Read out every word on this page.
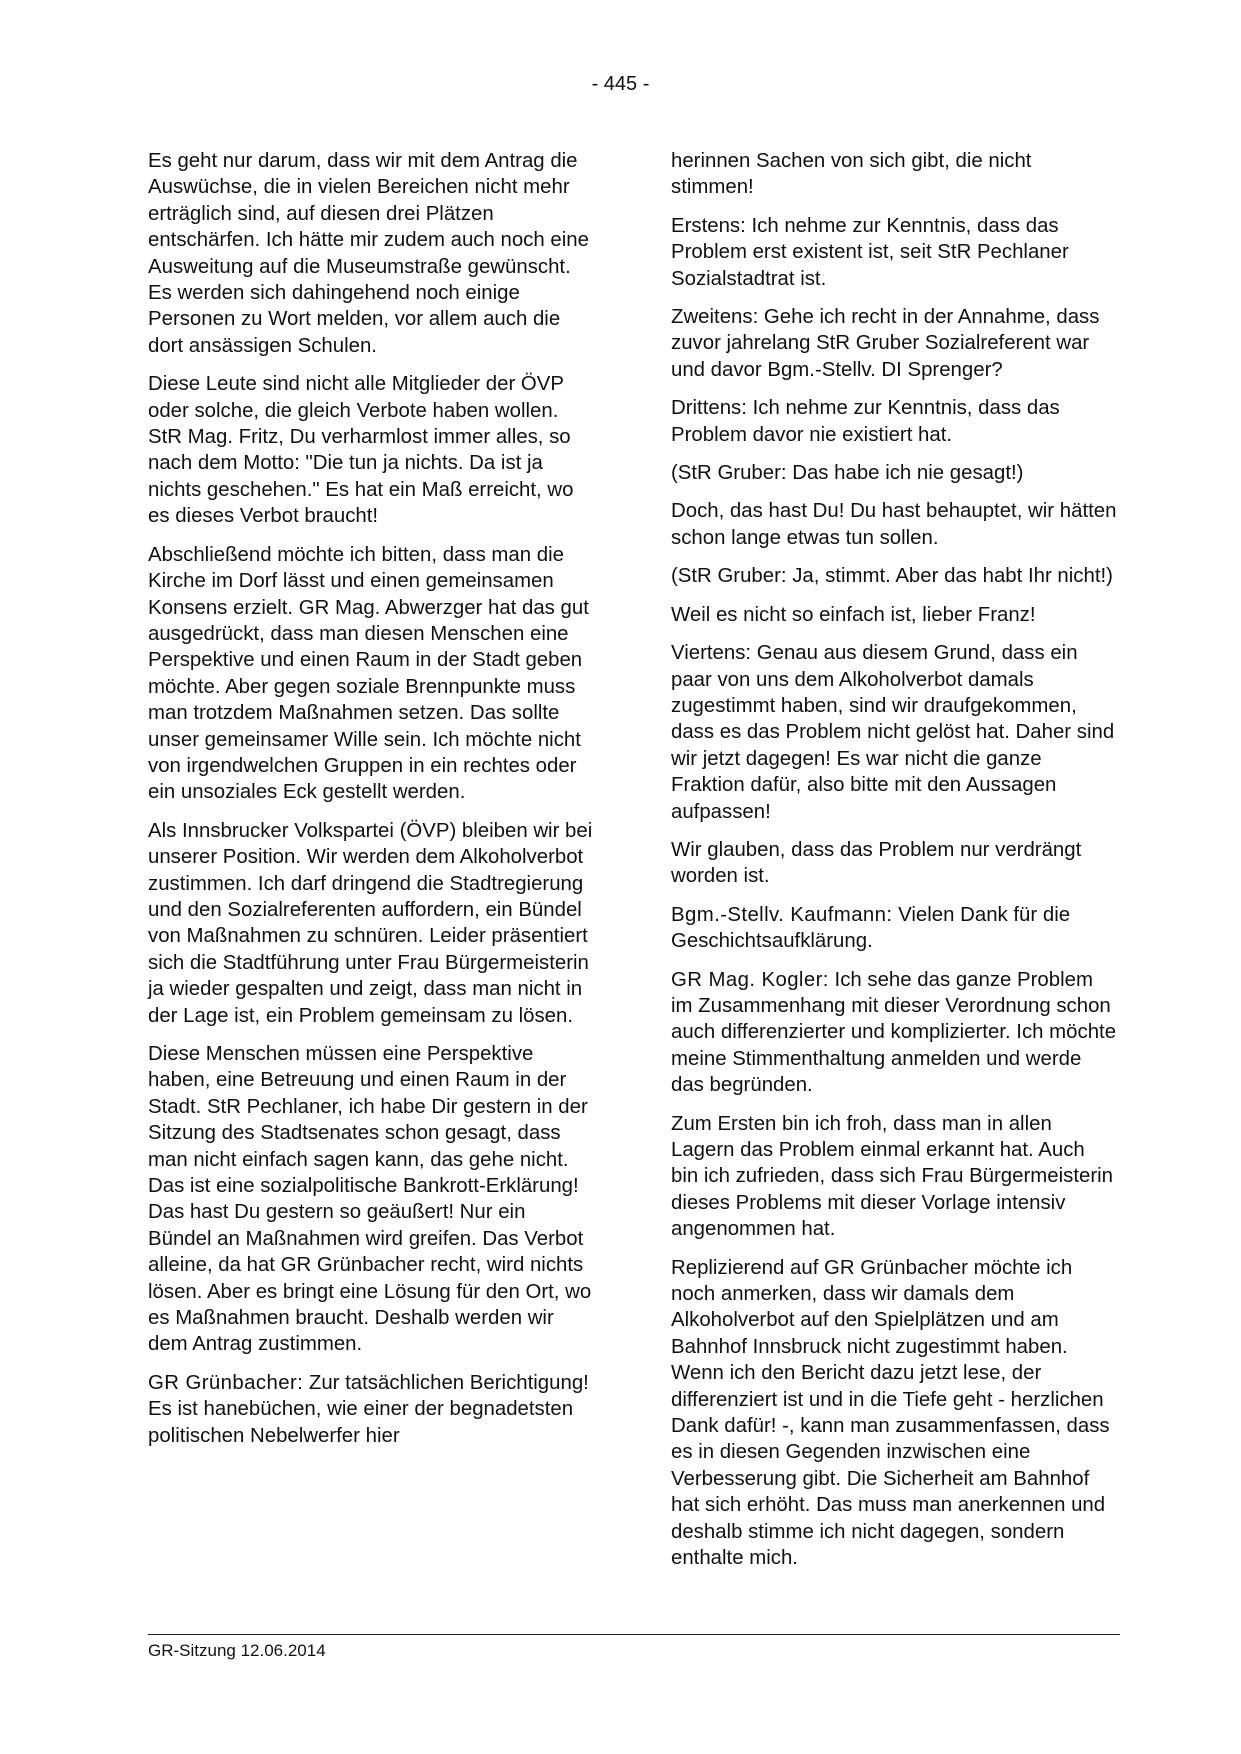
- 445 -

Es geht nur darum, dass wir mit dem Antrag die Auswüchse, die in vielen Bereichen nicht mehr erträglich sind, auf diesen drei Plätzen entschärfen. Ich hätte mir zudem auch noch eine Ausweitung auf die Museumstraße gewünscht. Es werden sich dahingehend noch einige Personen zu Wort melden, vor allem auch die dort ansässigen Schulen.

Diese Leute sind nicht alle Mitglieder der ÖVP oder solche, die gleich Verbote haben wollen. StR Mag. Fritz, Du verharmlost immer alles, so nach dem Motto: "Die tun ja nichts. Da ist ja nichts geschehen." Es hat ein Maß erreicht, wo es dieses Verbot braucht!

Abschließend möchte ich bitten, dass man die Kirche im Dorf lässt und einen gemeinsamen Konsens erzielt. GR Mag. Abwerzger hat das gut ausgedrückt, dass man diesen Menschen eine Perspektive und einen Raum in der Stadt geben möchte. Aber gegen soziale Brennpunkte muss man trotzdem Maßnahmen setzen. Das sollte unser gemeinsamer Wille sein. Ich möchte nicht von irgendwelchen Gruppen in ein rechtes oder ein unsoziales Eck gestellt werden.

Als Innsbrucker Volkspartei (ÖVP) bleiben wir bei unserer Position. Wir werden dem Alkoholverbot zustimmen. Ich darf dringend die Stadtregierung und den Sozialreferenten auffordern, ein Bündel von Maßnahmen zu schnüren. Leider präsentiert sich die Stadtführung unter Frau Bürgermeisterin ja wieder gespalten und zeigt, dass man nicht in der Lage ist, ein Problem gemeinsam zu lösen.

Diese Menschen müssen eine Perspektive haben, eine Betreuung und einen Raum in der Stadt. StR Pechlaner, ich habe Dir gestern in der Sitzung des Stadtsenates schon gesagt, dass man nicht einfach sagen kann, das gehe nicht. Das ist eine sozialpolitische Bankrott-Erklärung! Das hast Du gestern so geäußert! Nur ein Bündel an Maßnahmen wird greifen. Das Verbot alleine, da hat GR Grünbacher recht, wird nichts lösen. Aber es bringt eine Lösung für den Ort, wo es Maßnahmen braucht. Deshalb werden wir dem Antrag zustimmen.

GR Grünbacher: Zur tatsächlichen Berichtigung! Es ist hanebüchen, wie einer der begnadetsten politischen Nebelwerfer hier

herinnen Sachen von sich gibt, die nicht stimmen!

Erstens: Ich nehme zur Kenntnis, dass das Problem erst existent ist, seit StR Pechlaner Sozialstadtrat ist.

Zweitens: Gehe ich recht in der Annahme, dass zuvor jahrelang StR Gruber Sozialreferent war und davor Bgm.-Stellv. DI Sprenger?

Drittens: Ich nehme zur Kenntnis, dass das Problem davor nie existiert hat.

(StR Gruber: Das habe ich nie gesagt!)

Doch, das hast Du! Du hast behauptet, wir hätten schon lange etwas tun sollen.

(StR Gruber: Ja, stimmt. Aber das habt Ihr nicht!)

Weil es nicht so einfach ist, lieber Franz!

Viertens: Genau aus diesem Grund, dass ein paar von uns dem Alkoholverbot damals zugestimmt haben, sind wir draufgekommen, dass es das Problem nicht gelöst hat. Daher sind wir jetzt dagegen! Es war nicht die ganze Fraktion dafür, also bitte mit den Aussagen aufpassen!

Wir glauben, dass das Problem nur verdrängt worden ist.

Bgm.-Stellv. Kaufmann: Vielen Dank für die Geschichtsaufklärung.

GR Mag. Kogler: Ich sehe das ganze Problem im Zusammenhang mit dieser Verordnung schon auch differenzierter und komplizierter. Ich möchte meine Stimmenthaltung anmelden und werde das begründen.

Zum Ersten bin ich froh, dass man in allen Lagern das Problem einmal erkannt hat. Auch bin ich zufrieden, dass sich Frau Bürgermeisterin dieses Problems mit dieser Vorlage intensiv angenommen hat.

Replizierend auf GR Grünbacher möchte ich noch anmerken, dass wir damals dem Alkoholverbot auf den Spielplätzen und am Bahnhof Innsbruck nicht zugestimmt haben. Wenn ich den Bericht dazu jetzt lese, der differenziert ist und in die Tiefe geht - herzlichen Dank dafür! -, kann man zusammenfassen, dass es in diesen Gegenden inzwischen eine Verbesserung gibt. Die Sicherheit am Bahnhof hat sich erhöht. Das muss man anerkennen und deshalb stimme ich nicht dagegen, sondern enthalte mich.

GR-Sitzung 12.06.2014
